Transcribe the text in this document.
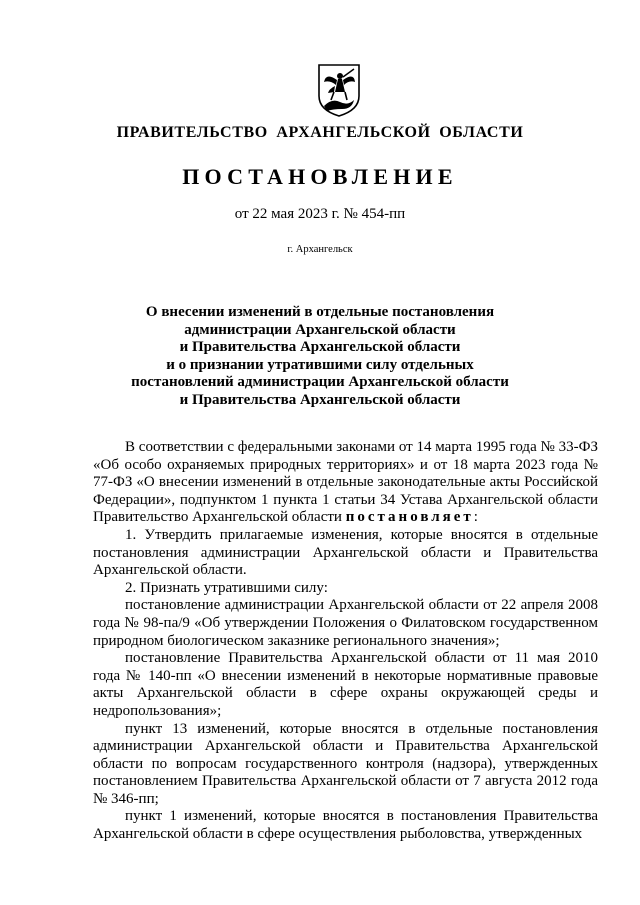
ПРАВИТЕЛЬСТВО АРХАНГЕЛЬСКОЙ ОБЛАСТИ
ПОСТАНОВЛЕНИЕ
от 22 мая 2023 г. № 454-пп
г. Архангельск
О внесении изменений в отдельные постановления
администрации Архангельской области
и Правительства Архангельской области
и о признании утратившими силу отдельных
постановлений администрации Архангельской области
и Правительства Архангельской области

В соответствии с федеральными законами от 14 марта 1995 года № 33-ФЗ «Об особо охраняемых природных территориях» и от 18 марта 2023 года № 77-ФЗ «О внесении изменений в отдельные законодательные акты Российской Федерации», подпунктом 1 пункта 1 статьи 34 Устава Архангельской области Правительство Архангельской области постановляет:

1. Утвердить прилагаемые изменения, которые вносятся в отдельные постановления администрации Архангельской области и Правительства Архангельской области.

2. Признать утратившими силу:

постановление администрации Архангельской области от 22 апреля 2008 года № 98-па/9 «Об утверждении Положения о Филатовском государственном природном биологическом заказнике регионального значения»;

постановление Правительства Архангельской области от 11 мая 2010 года № 140-пп «О внесении изменений в некоторые нормативные правовые акты Архангельской области в сфере охраны окружающей среды и недропользования»;

пункт 13 изменений, которые вносятся в отдельные постановления администрации Архангельской области и Правительства Архангельской области по вопросам государственного контроля (надзора), утвержденных постановлением Правительства Архангельской области от 7 августа 2012 года № 346-пп;

пункт 1 изменений, которые вносятся в постановления Правительства Архангельской области в сфере осуществления рыболовства, утвержденных
